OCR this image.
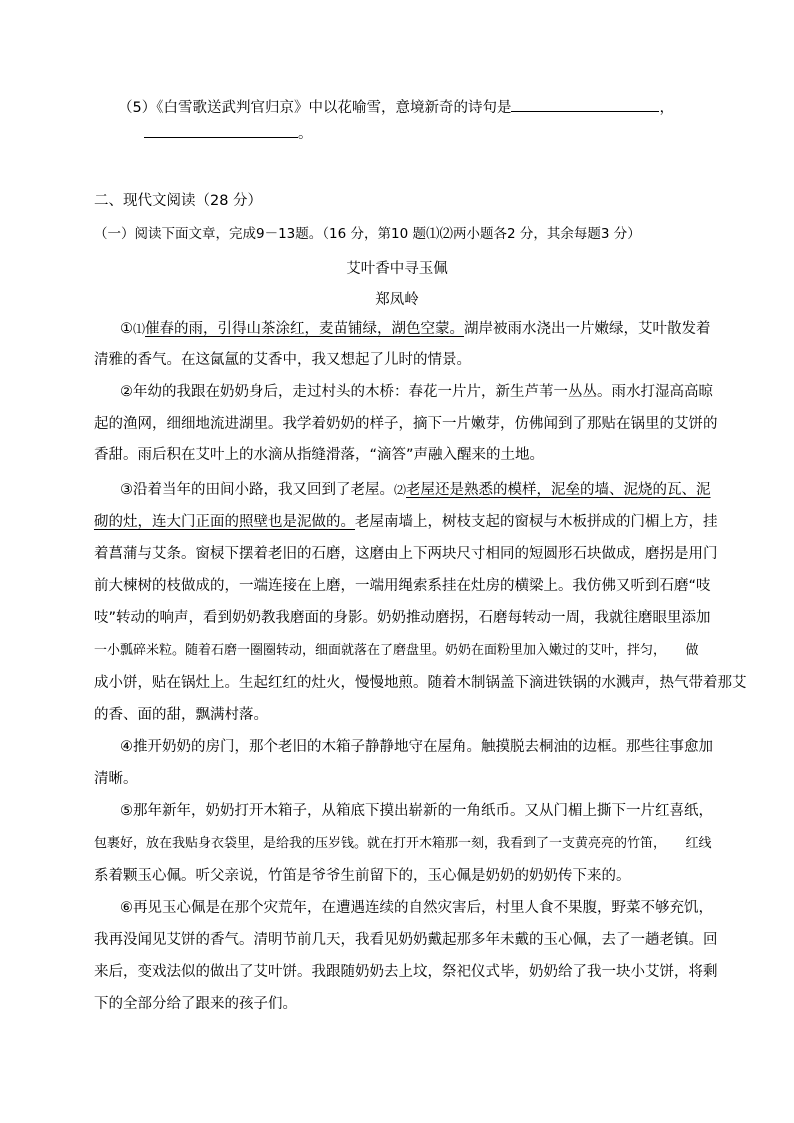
（5）《白雪歌送武判官归京》中以花喻雪，意境新奇的诗句是	，
。
二、现代文阅读（28 分）
（一）阅读下面文章，完成9－13题。（16 分，第10 题⑴⑵两小题各2 分，其余每题3 分）
艾叶香中寻玉佩
郑凤岭
①⑴催春的雨，引得山茶涂红，麦苗铺绿，湖色空蒙。湖岸被雨水浇出一片嫩绿，艾叶散发着
清雅的香气。在这氤氲的艾香中，我又想起了儿时的情景。
②年幼的我跟在奶奶身后，走过村头的木桥：春花一片片，新生芦苇一丛丛。雨水打湿高高晾
起的渔网，细细地流进湖里。我学着奶奶的样子，摘下一片嫩芽，仿佛闻到了那贴在锅里的艾饼的
香甜。雨后积在艾叶上的水滴从指缝滑落，“滴答”声融入醒来的土地。
③沿着当年的田间小路，我又回到了老屋。⑵老屋还是熟悉的模样，泥垒的墙、泥烧的瓦、泥
砌的灶，连大门正面的照壁也是泥做的。老屋南墙上，树枝支起的窗棂与木板拼成的门楣上方，挂
着菖蒲与艾条。窗棂下摆着老旧的石磨，这磨由上下两块尺寸相同的短圆形石块做成，磨拐是用门
前大楝树的枝做成的，一端连接在上磨，一端用绳索系挂在灶房的横梁上。我仿佛又听到石磨“吱
吱”转动的响声，看到奶奶教我磨面的身影。奶奶推动磨拐，石磨每转动一周，我就往磨眼里添加
一小瓢碎米粒。随着石磨一圈圈转动，细面就落在了磨盘里。奶奶在面粉里加入嫩过的艾叶，拌匀，　　做
成小饼，贴在锅灶上。生起红红的灶火，慢慢地煎。随着木制锅盖下滴进铁锅的水溅声，热气带着那艾
的香、面的甜，飘满村落。
④推开奶奶的房门，那个老旧的木箱子静静地守在屋角。触摸脱去桐油的边框。那些往事愈加
清晰。
⑤那年新年，奶奶打开木箱子，从箱底下摸出崭新的一角纸币。又从门楣上撕下一片红喜纸，
包裹好，放在我贴身衣袋里，是给我的压岁钱。就在打开木箱那一刻，我看到了一支黄亮亮的竹笛，　　红线
系着颗玉心佩。听父亲说，竹笛是爷爷生前留下的，玉心佩是奶奶的奶奶传下来的。
⑥再见玉心佩是在那个灾荒年，在遭遇连续的自然灾害后，村里人食不果腹，野菜不够充饥，
我再没闻见艾饼的香气。清明节前几天，我看见奶奶戴起那多年未戴的玉心佩，去了一趟老镇。回
来后，变戏法似的做出了艾叶饼。我跟随奶奶去上坟，祭祀仪式毕，奶奶给了我一块小艾饼，将剩
下的全部分给了跟来的孩子们。
